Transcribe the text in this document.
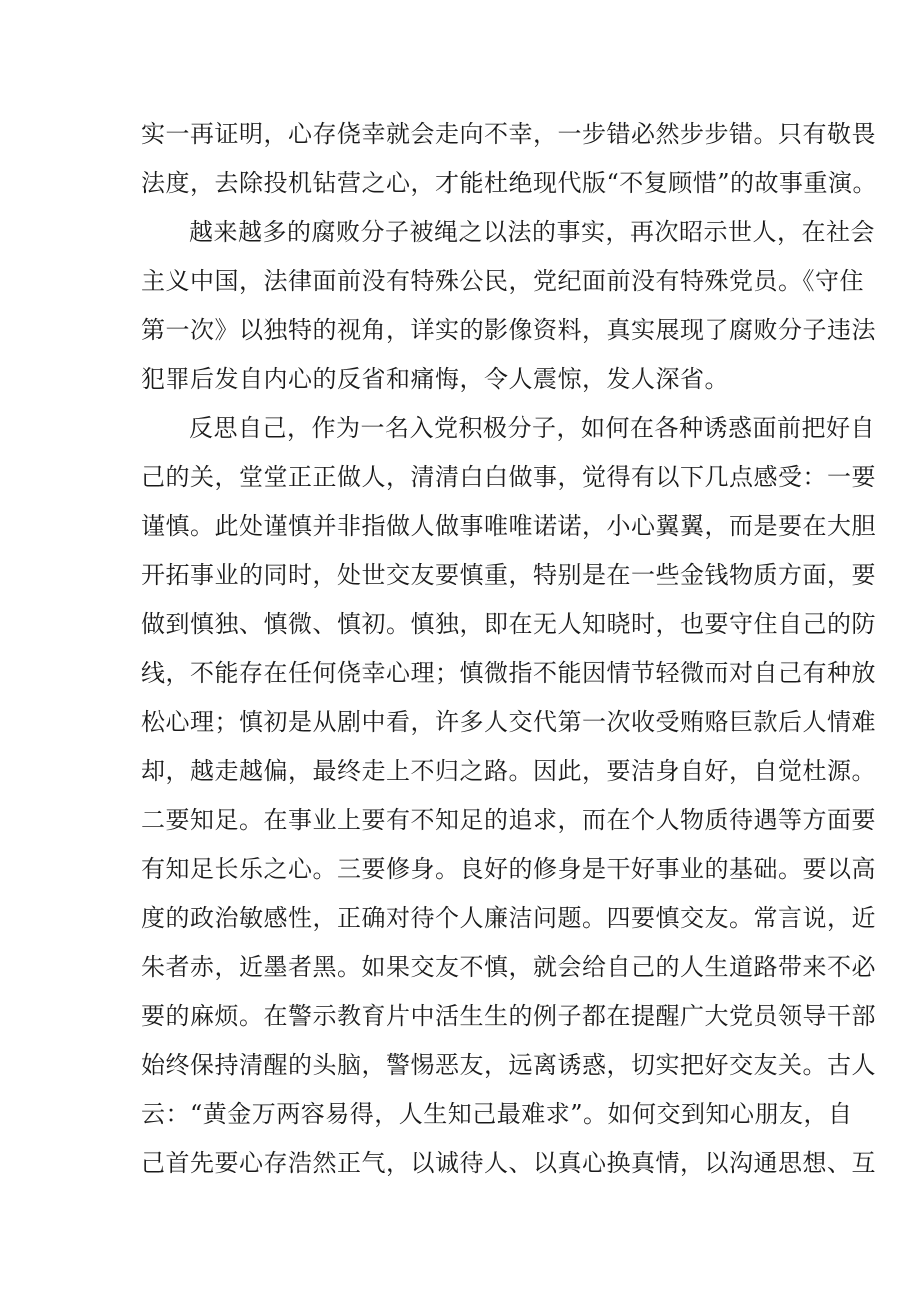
实一再证明，心存侥幸就会走向不幸，一步错必然步步错。只有敬畏
法度，去除投机钻营之心，才能杜绝现代版“不复顾惜”的故事重演。
越来越多的腐败分子被绳之以法的事实，再次昭示世人，在社会
主义中国，法律面前没有特殊公民，党纪面前没有特殊党员。《守住
第一次》以独特的视角，详实的影像资料，真实展现了腐败分子违法
犯罪后发自内心的反省和痛悔，令人震惊，发人深省。
反思自己，作为一名入党积极分子，如何在各种诱惑面前把好自
己的关，堂堂正正做人，清清白白做事，觉得有以下几点感受：一要
谨慎。此处谨慎并非指做人做事唯唯诺诺，小心翼翼，而是要在大胆
开拓事业的同时，处世交友要慎重，特别是在一些金钱物质方面，要
做到慎独、慎微、慎初。慎独，即在无人知晓时，也要守住自己的防
线，不能存在任何侥幸心理；慎微指不能因情节轻微而对自己有种放
松心理；慎初是从剧中看，许多人交代第一次收受贿赂巨款后人情难
却，越走越偏，最终走上不归之路。因此，要洁身自好，自觉杜源。
二要知足。在事业上要有不知足的追求，而在个人物质待遇等方面要
有知足长乐之心。三要修身。良好的修身是干好事业的基础。要以高
度的政治敏感性，正确对待个人廉洁问题。四要慎交友。常言说，近
朱者赤，近墨者黑。如果交友不慎，就会给自己的人生道路带来不必
要的麻烦。在警示教育片中活生生的例子都在提醒广大党员领导干部
始终保持清醒的头脑，警惕恶友，远离诱惑，切实把好交友关。古人
云：“黄金万两容易得，人生知己最难求”。如何交到知心朋友，自
己首先要心存浩然正气，以诚待人、以真心换真情，以沟通思想、互
